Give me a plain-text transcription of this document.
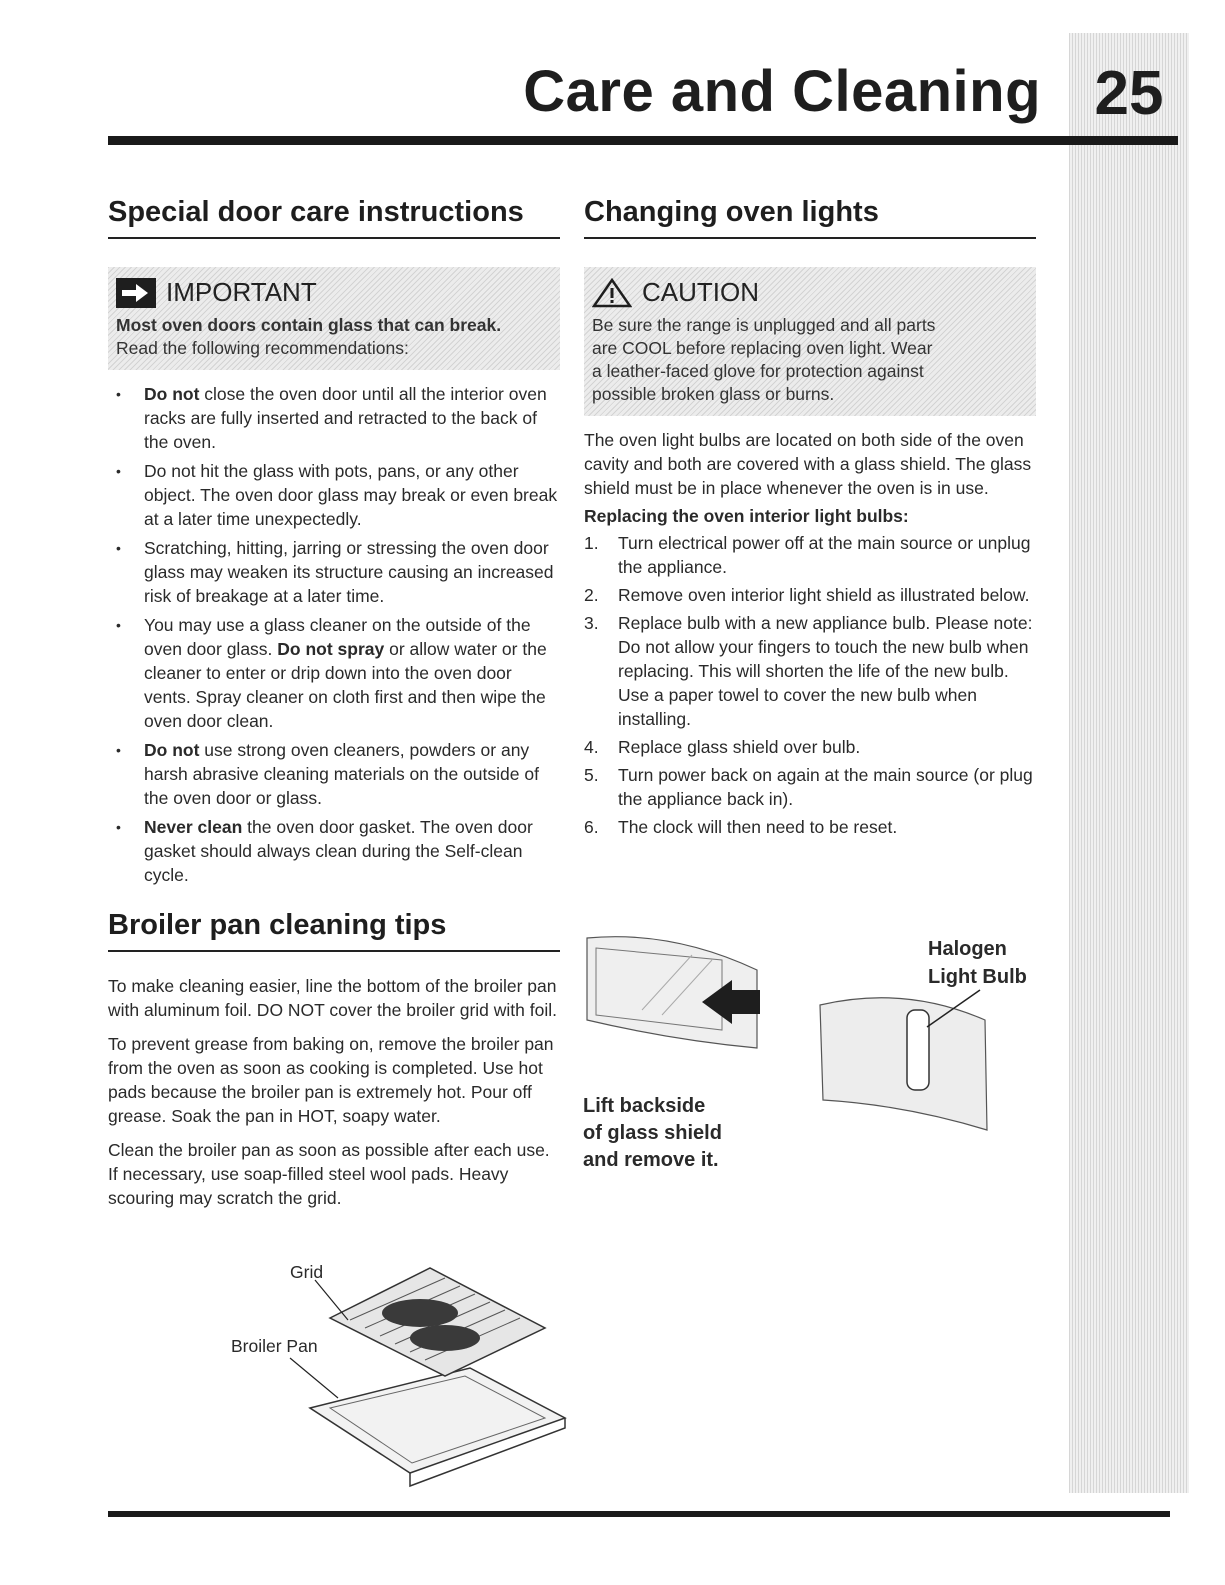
25
Care and Cleaning
Special door care instructions
IMPORTANT
Most oven doors contain glass that can break.
Read the following recommendations:
• Do not close the oven door until all the interior oven racks are fully inserted and retracted to the back of the oven.
• Do not hit the glass with pots, pans, or any other object. The oven door glass may break or even break at a later time unexpectedly.
• Scratching, hitting, jarring or stressing the oven door glass may weaken its structure causing an increased risk of breakage at a later time.
• You may use a glass cleaner on the outside of the oven door glass. Do not spray or allow water or the cleaner to enter or drip down into the oven door vents. Spray cleaner on cloth first and then wipe the oven door clean.
• Do not use strong oven cleaners, powders or any harsh abrasive cleaning materials on the outside of the oven door or glass.
• Never clean the oven door gasket. The oven door gasket should always clean during the Self-clean cycle.
Broiler pan cleaning tips

To make cleaning easier, line the bottom of the broiler pan with aluminum foil. DO NOT cover the broiler grid with foil.

To prevent grease from baking on, remove the broiler pan from the oven as soon as cooking is completed. Use hot pads because the broiler pan is extremely hot. Pour off grease. Soak the pan in HOT, soapy water.

Clean the broiler pan as soon as possible after each use. If necessary, use soap-filled steel wool pads. Heavy scouring may scratch the grid.

Grid
Broiler Pan
Changing oven lights
CAUTION
Be sure the range is unplugged and all parts
are COOL before replacing oven light. Wear
a leather-faced glove for protection against
possible broken glass or burns.

The oven light bulbs are located on both side of the oven cavity and both are covered with a glass shield. The glass shield must be in place whenever the oven is in use.

Replacing the oven interior light bulbs:

1. Turn electrical power off at the main source or unplug the appliance.
2. Remove oven interior light shield as illustrated below.
3. Replace bulb with a new appliance bulb. Please note: Do not allow your fingers to touch the new bulb when replacing. This will shorten the life of the new bulb. Use a paper towel to cover the new bulb when installing.
4. Replace glass shield over bulb.
5. Turn power back on again at the main source (or plug the appliance back in).
6. The clock will then need to be reset.
Halogen
Light Bulb
Lift backside
of glass shield
and remove it.
